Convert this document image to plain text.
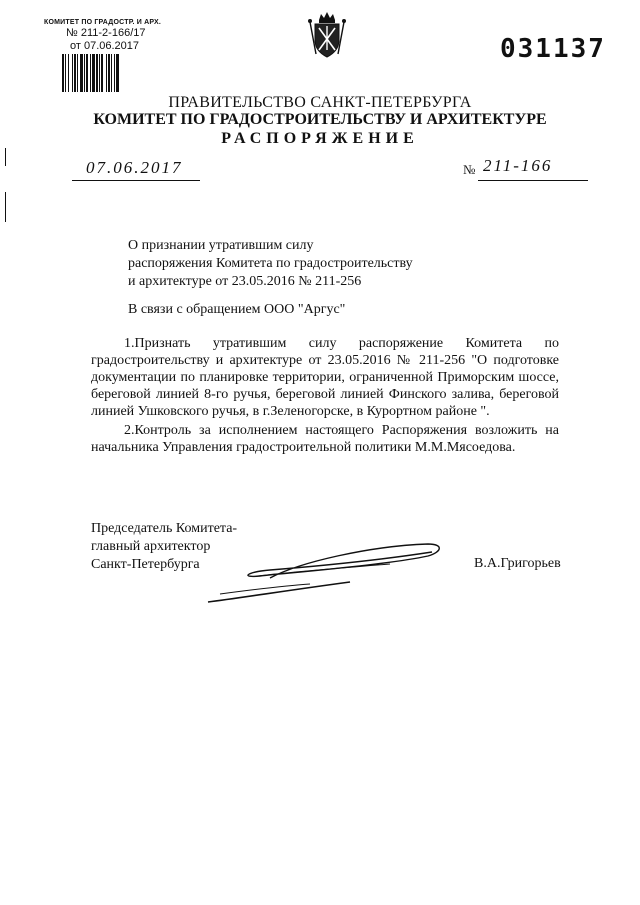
КОМИТЕТ ПО ГРАДОСТР. И АРХ.
№ 211-2-166/17
от 07.06.2017	031137
ПРАВИТЕЛЬСТВО САНКТ-ПЕТЕРБУРГА
КОМИТЕТ ПО ГРАДОСТРОИТЕЛЬСТВУ И АРХИТЕКТУРЕ
РАСПОРЯЖЕНИЕ
07.06.2017	№ 211-166
О признании утратившим силу
распоряжения Комитета по градостроительству
и архитектуре от 23.05.2016 № 211-256
В связи с обращением ООО "Аргус"

1.Признать утратившим силу распоряжение Комитета по градостроительству и архитектуре от 23.05.2016 № 211-256 "О подготовке документации по планировке территории, ограниченной Приморским шоссе, береговой линией 8-го ручья, береговой линией Финского залива, береговой линией Ушковского ручья, в г.Зеленогорске, в Курортном районе ".

2.Контроль за исполнением настоящего Распоряжения возложить на начальника Управления градостроительной политики М.М.Мясоедова.

Председатель Комитета-
главный архитектор
Санкт-Петербурга	В.А.Григорьев
